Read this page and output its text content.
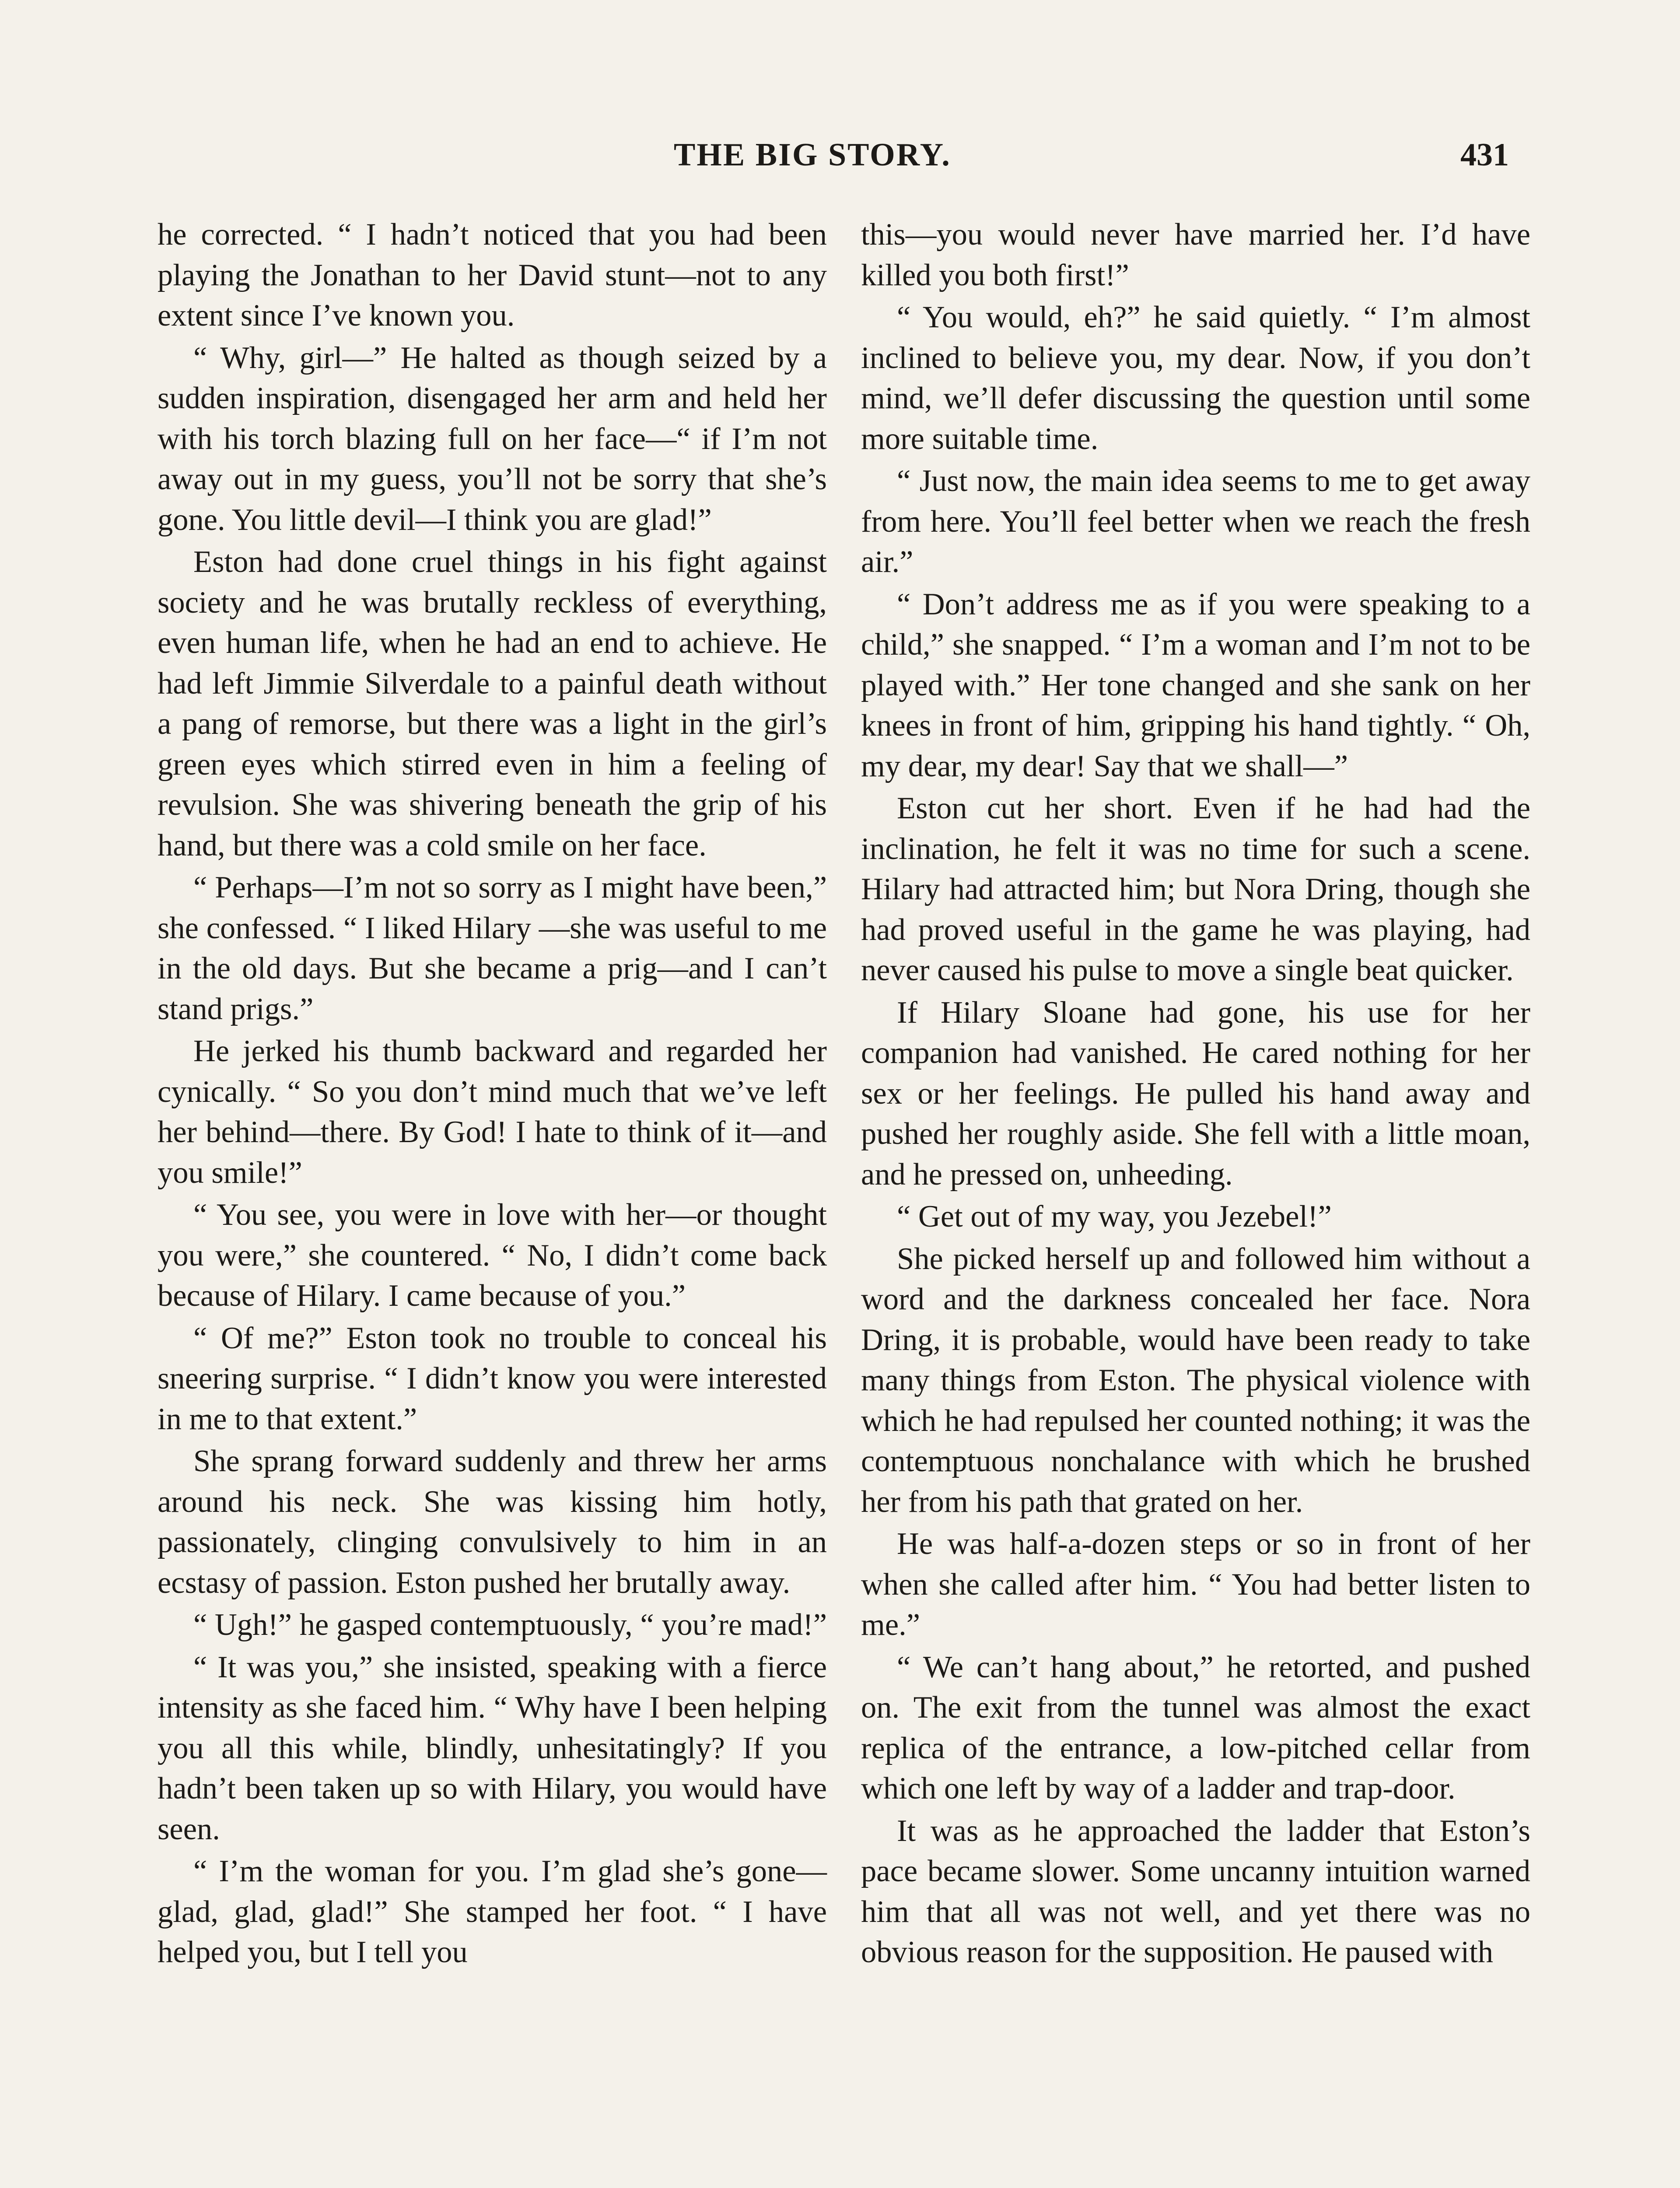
THE BIG STORY.	431

he corrected. “ I hadn’t noticed that you had been playing the Jonathan to her David stunt—not to any extent since I’ve known you.

“ Why, girl—” He halted as though seized by a sudden inspiration, disengaged her arm and held her with his torch blazing full on her face—“ if I’m not away out in my guess, you’ll not be sorry that she’s gone. You little devil—I think you are glad!”

Eston had done cruel things in his fight against society and he was brutally reckless of everything, even human life, when he had an end to achieve. He had left Jimmie Silverdale to a painful death without a pang of remorse, but there was a light in the girl’s green eyes which stirred even in him a feeling of revulsion. She was shivering beneath the grip of his hand, but there was a cold smile on her face.

“ Perhaps—I’m not so sorry as I might have been,” she confessed. “ I liked Hilary —she was useful to me in the old days. But she became a prig—and I can’t stand prigs.”

He jerked his thumb backward and regarded her cynically. “ So you don’t mind much that we’ve left her behind—there. By God! I hate to think of it—and you smile!”

“ You see, you were in love with her—or thought you were,” she countered. “ No, I didn’t come back because of Hilary. I came because of you.”

“ Of me?” Eston took no trouble to conceal his sneering surprise. “ I didn’t know you were interested in me to that extent.”

She sprang forward suddenly and threw her arms around his neck. She was kissing him hotly, passionately, clinging convulsively to him in an ecstasy of passion. Eston pushed her brutally away.

“ Ugh!” he gasped contemptuously, “ you’re mad!”

“ It was you,” she insisted, speaking with a fierce intensity as she faced him. “ Why have I been helping you all this while, blindly, unhesitatingly? If you hadn’t been taken up so with Hilary, you would have seen.

“ I’m the woman for you. I’m glad she’s gone—glad, glad, glad!” She stamped her foot. “ I have helped you, but I tell you

this—you would never have married her. I’d have killed you both first!”

“ You would, eh?” he said quietly. “ I’m almost inclined to believe you, my dear. Now, if you don’t mind, we’ll defer discussing the question until some more suitable time.

“ Just now, the main idea seems to me to get away from here. You’ll feel better when we reach the fresh air.”

“ Don’t address me as if you were speaking to a child,” she snapped. “ I’m a woman and I’m not to be played with.” Her tone changed and she sank on her knees in front of him, gripping his hand tightly. “ Oh, my dear, my dear! Say that we shall—”

Eston cut her short. Even if he had had the inclination, he felt it was no time for such a scene. Hilary had attracted him; but Nora Dring, though she had proved useful in the game he was playing, had never caused his pulse to move a single beat quicker.

If Hilary Sloane had gone, his use for her companion had vanished. He cared nothing for her sex or her feelings. He pulled his hand away and pushed her roughly aside. She fell with a little moan, and he pressed on, unheeding.

“ Get out of my way, you Jezebel!”

She picked herself up and followed him without a word and the darkness concealed her face. Nora Dring, it is probable, would have been ready to take many things from Eston. The physical violence with which he had repulsed her counted nothing; it was the contemptuous nonchalance with which he brushed her from his path that grated on her.

He was half-a-dozen steps or so in front of her when she called after him. “ You had better listen to me.”

“ We can’t hang about,” he retorted, and pushed on. The exit from the tunnel was almost the exact replica of the entrance, a low-pitched cellar from which one left by way of a ladder and trap-door.

It was as he approached the ladder that Eston’s pace became slower. Some uncanny intuition warned him that all was not well, and yet there was no obvious reason for the supposition. He paused with
